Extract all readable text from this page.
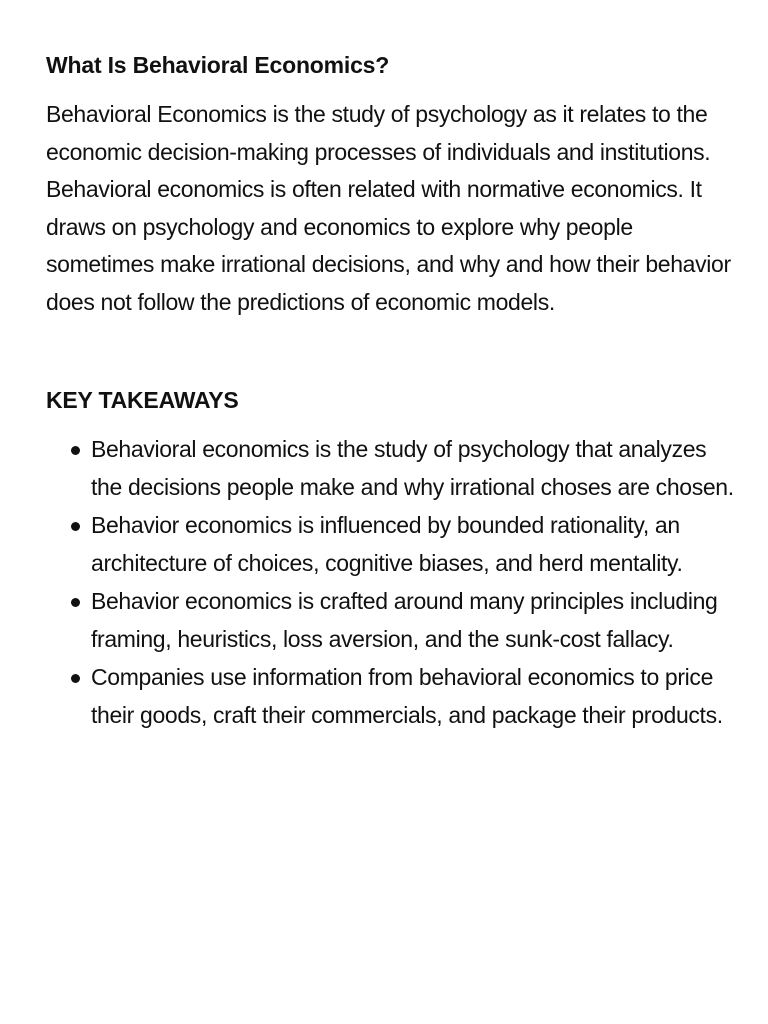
What Is Behavioral Economics?

Behavioral Economics is the study of psychology as it relates to the economic decision-making processes of individuals and institutions. Behavioral economics is often related with normative economics. It draws on psychology and economics to explore why people sometimes make irrational decisions, and why and how their behavior does not follow the predictions of economic models.

KEY TAKEAWAYS
Behavioral economics is the study of psychology that analyzes the decisions people make and why irrational choses are chosen.
Behavior economics is influenced by bounded rationality, an architecture of choices, cognitive biases, and herd mentality.
Behavior economics is crafted around many principles including framing, heuristics, loss aversion, and the sunk-cost fallacy.
Companies use information from behavioral economics to price their goods, craft their commercials, and package their products.
